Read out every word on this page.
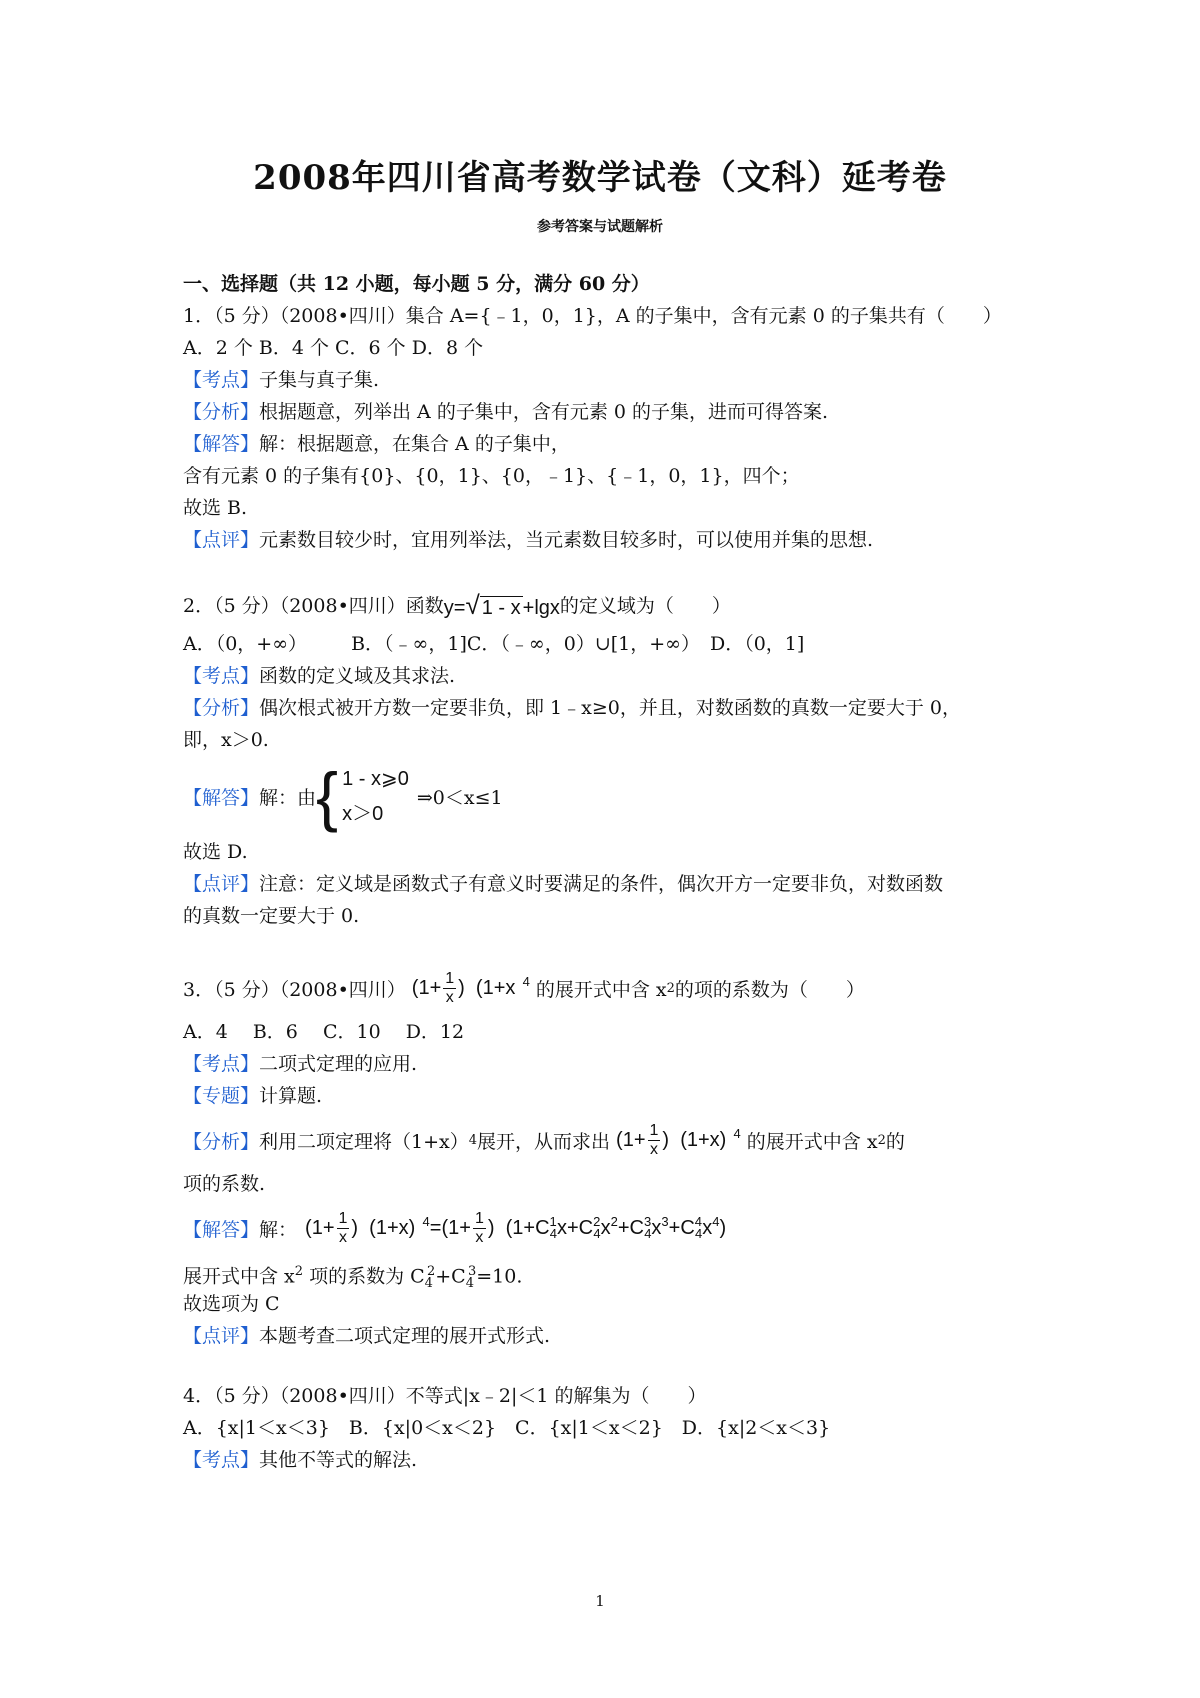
2008年四川省高考数学试卷（文科）延考卷
参考答案与试题解析
一、选择题（共 12 小题，每小题 5 分，满分 60 分）
1．（5 分）（2008•四川）集合 A={﹣1，0，1}，A 的子集中，含有元素 0 的子集共有（　　）
A．2 个 B．4 个 C．6 个 D．8 个
【考点】子集与真子集.
【分析】根据题意，列举出 A 的子集中，含有元素 0 的子集，进而可得答案.
【解答】解：根据题意，在集合 A 的子集中，
含有元素 0 的子集有{0}、{0，1}、{0，﹣1}、{﹣1，0，1}，四个；
故选 B.
【点评】元素数目较少时，宜用列举法，当元素数目较多时，可以使用并集的思想.
2．（5 分）（2008•四川）函数 y=√ 1 - x +lgx 的定义域为（　　）
A．（0，+∞） B．（﹣∞，1]C．（﹣∞，0）∪[1，+∞） D．（0，1]
【考点】函数的定义域及其求法.
【分析】偶次根式被开方数一定要非负，即 1﹣x≥0，并且，对数函数的真数一定要大于 0，
即，x＞0.
【解答】 解：由 { 1 - x⩾0
x＞0
⇒0＜x≤1
故选 D.
【点评】注意：定义域是函数式子有意义时要满足的条件，偶次开方一定要非负，对数函数
的真数一定要大于 0.
3．（5 分）（2008•四川） ($1+ \frac{1}{x}$ )  (1+x  $^4$ 的展开式中含 x 2 的项的系数为（　　）
A．4　 B．6　 C．10　 D．12
【考点】二项式定理的应用.
【专题】计算题.
【分析】 利用二项定理将（1+x） 4 展开，从而求出 ($1+ \frac{1}{x}$ )  (1+x)  $^4$ 的展开式中含 x 2 的
项的系数.
【解答】 解： ($1+ \frac{1}{x}$ )  (1+x)  $^4=(1+ \frac{1}{x}$ )  $(1+C^1_4x+C^2_4x^2+C^3_4x^3+C^4_4x^4)$
展开式中含 $x^2$ 项的系数为 $C_4^2+C_4^3=10$.
故选项为 C
【点评】本题考查二项式定理的展开式形式.
4．（5 分）（2008•四川）不等式|x﹣2|＜1 的解集为（　　）
A．{x|1＜x＜3}　B．{x|0＜x＜2}　C．{x|1＜x＜2}　D．{x|2＜x＜3}
【考点】其他不等式的解法.
1
